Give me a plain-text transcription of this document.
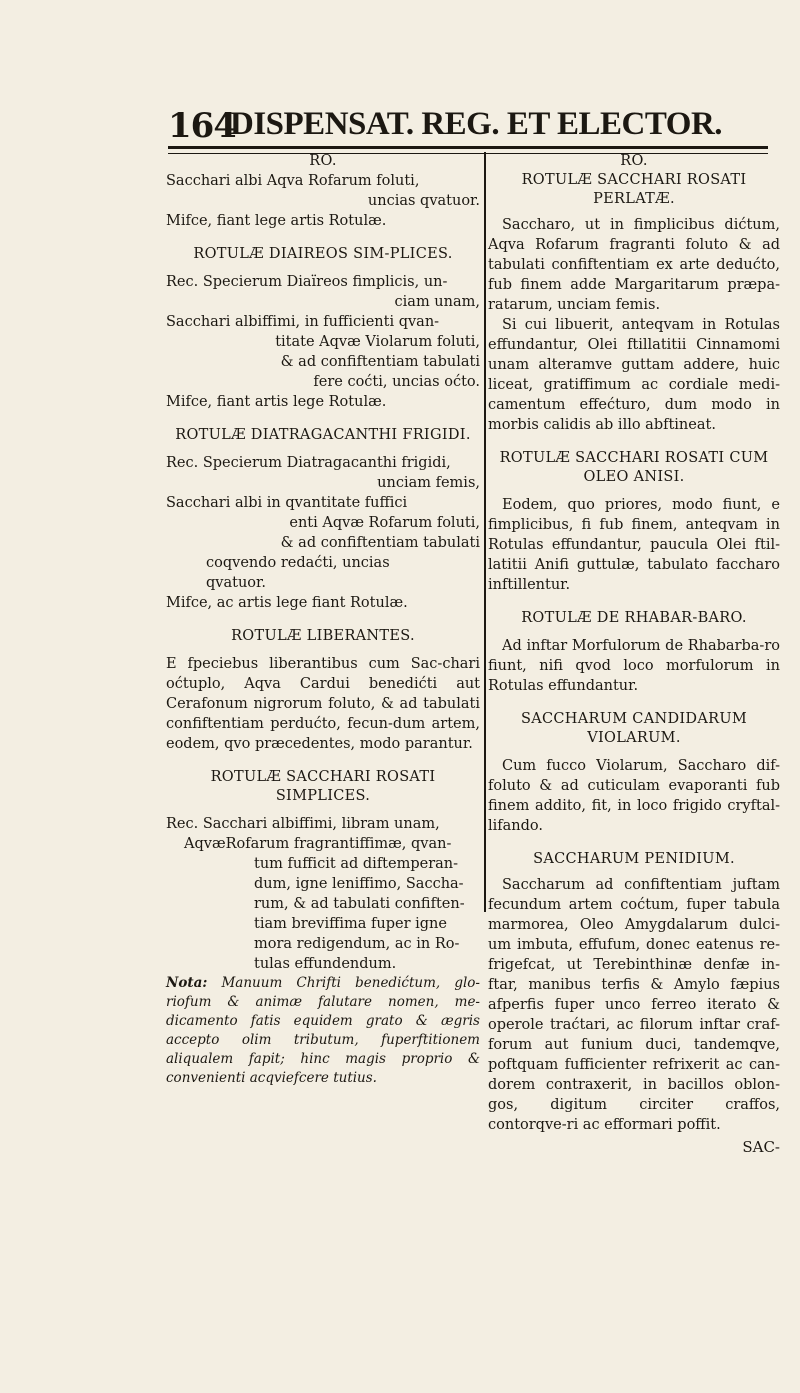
164
DISPENSAT. REG. ET ELECTOR.

RO.

Sacchari albi Aqva Rofarum foluti,

uncias qvatuor.

Mifce, fiant lege artis Rotulæ.

ROTULÆ DIAIREOS SIM-PLICES.

Rec. Specierum Diaïreos fimplicis, un-

ciam unam,

Sacchari albiffimi, in fufficienti qvan-

titate Aqvæ Violarum foluti,

& ad confiftentiam tabulati

fere coćti, uncias oćto.

Mifce, fiant artis lege Rotulæ.

ROTULÆ DIATRAGACANTHI FRIGIDI.

Rec. Specierum Diatragacanthi frigidi,

unciam femis,

Sacchari albi in qvantitate fuffici

enti Aqvæ Rofarum foluti,

& ad confiftentiam tabulati

coqvendo redaćti, uncias

qvatuor.

Mifce, ac artis lege fiant Rotulæ.

ROTULÆ LIBERANTES.

E fpeciebus liberantibus cum Sac-chari oćtuplo, Aqva Cardui benedićti aut Cerafonum nigrorum foluto, & ad tabulati confiftentiam perdućto, fecun-dum artem, eodem, qvo præcedentes, modo parantur.

ROTULÆ SACCHARI ROSATI SIMPLICES.

Rec. Sacchari albiffimi, libram unam,

AqvæRofarum fragrantiffimæ, qvan-

tum fufficit ad diftemperan-

dum, igne leniffimo, Saccha-

rum, & ad tabulati confiften-

tiam breviffima fuper igne

mora redigendum, ac in Ro-

tulas effundendum.

Nota: Manuum Chrifti benedićtum, glo-riofum & animæ falutare nomen, me-dicamento fatis equidem grato & ægris accepto olim tributum, fuperftitionem aliqualem fapit; hinc magis proprio & convenienti acqviefcere tutius.

RO.

ROTULÆ SACCHARI ROSATI PERLATÆ.

Saccharo, ut in fimplicibus dićtum, Aqva Rofarum fragranti foluto & ad tabulati confiftentiam ex arte dedućto, fub finem adde Margaritarum præpa-ratarum, unciam femis.

Si cui libuerit, anteqvam in Rotulas effundantur, Olei ftillatitii Cinnamomi unam alteramve guttam addere, huic liceat, gratiffimum ac cordiale medi-camentum effećturo, dum modo in morbis calidis ab illo abftineat.

ROTULÆ SACCHARI ROSATI CUM OLEO ANISI.

Eodem, quo priores, modo fiunt, e fimplicibus, fi fub finem, anteqvam in Rotulas effundantur, paucula Olei ftil-latitii Anifi guttulæ, tabulato faccharo inftillentur.

ROTULÆ DE RHABAR-BARO.

Ad inftar Morfulorum de Rhabarba-ro fiunt, nifi qvod loco morfulorum in Rotulas effundantur.

SACCHARUM CANDIDARUM VIOLARUM.

Cum fucco Violarum, Saccharo dif-foluto & ad cuticulam evaporanti fub finem addito, fit, in loco frigido cryftal-lifando.

SACCHARUM PENIDIUM.

Saccharum ad confiftentiam juftam fecundum artem coćtum, fuper tabula marmorea, Oleo Amygdalarum dulci-um imbuta, effufum, donec eatenus re-frigefcat, ut Terebinthinæ denfæ in-ftar, manibus terfis & Amylo fæpius afperfis fuper unco ferreo iterato & operole traćtari, ac filorum inftar craf-forum aut funium duci, tandemqve, poftquam fufficienter refrixerit ac can-dorem contraxerit, in bacillos oblon-gos, digitum circiter craffos, contorqve-ri ac efformari poffit.

SAC-
